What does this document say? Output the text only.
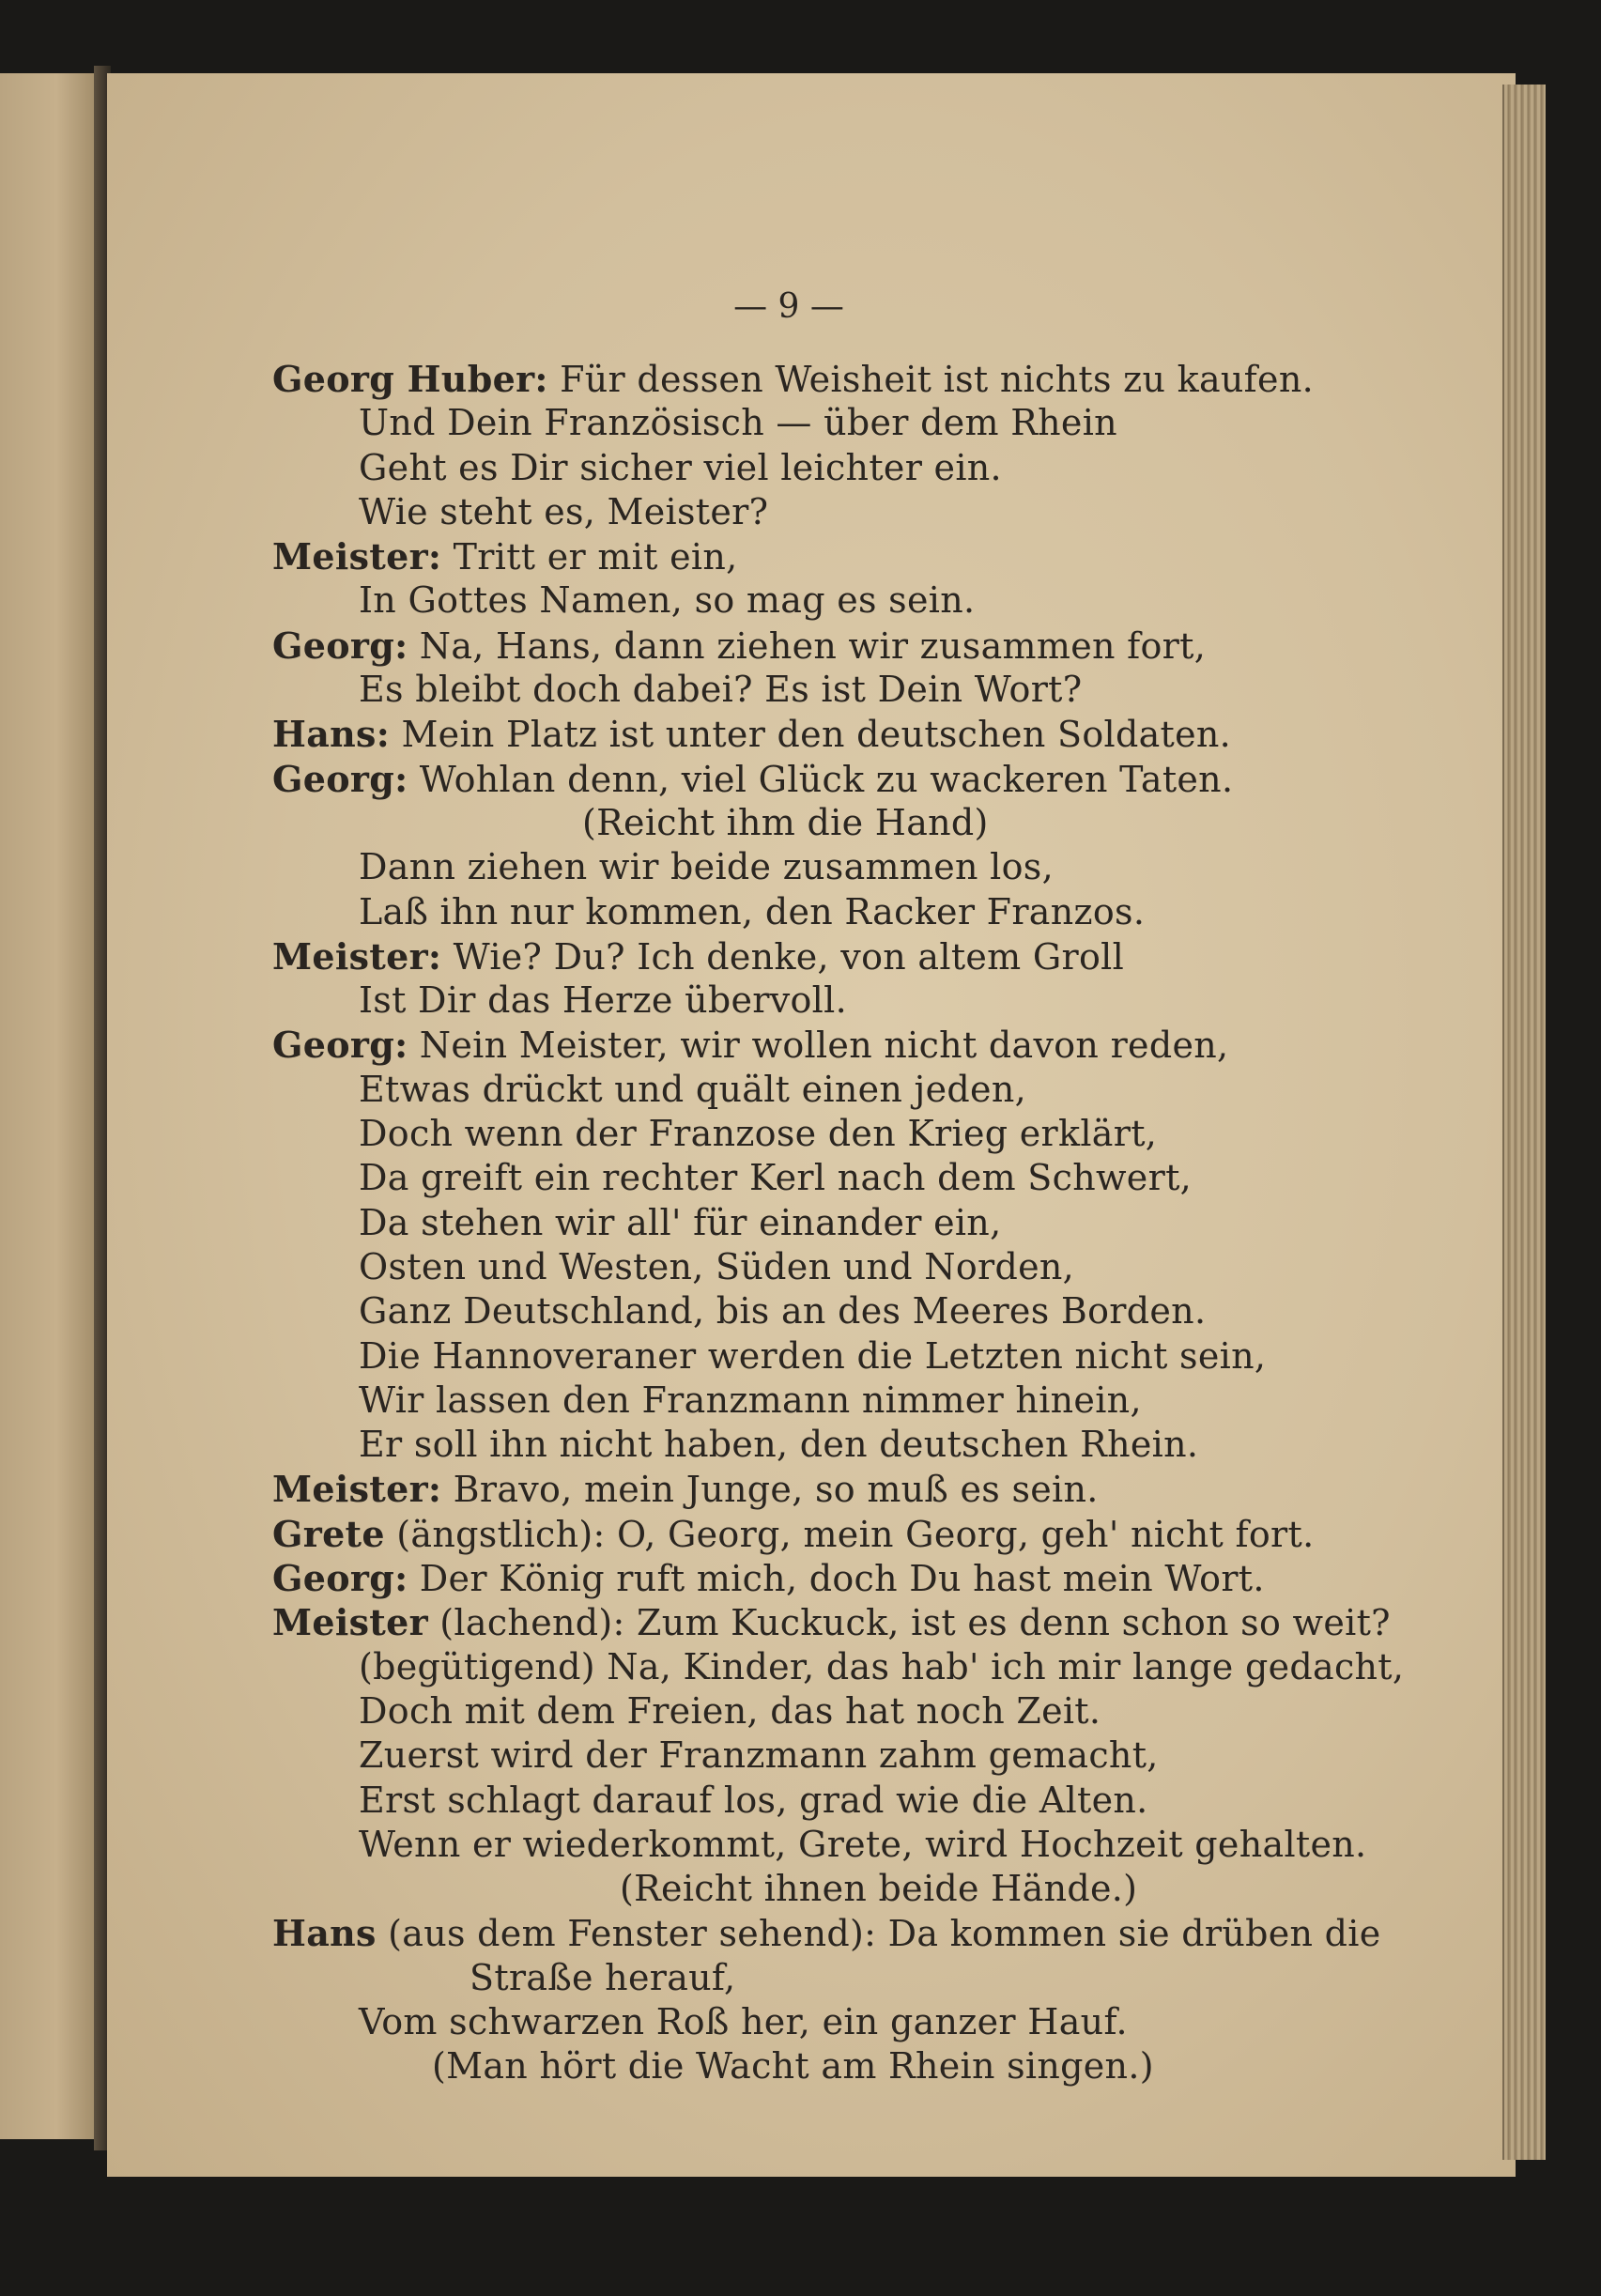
— 9 —
Georg Huber: Für dessen Weisheit ist nichts zu kaufen.
Und Dein Französisch — über dem Rhein
Geht es Dir sicher viel leichter ein.
Wie steht es, Meister?
Meister: Tritt er mit ein,
In Gottes Namen, so mag es sein.
Georg: Na, Hans, dann ziehen wir zusammen fort,
Es bleibt doch dabei? Es ist Dein Wort?
Hans: Mein Platz ist unter den deutschen Soldaten.
Georg: Wohlan denn, viel Glück zu wackeren Taten.
(Reicht ihm die Hand)
Dann ziehen wir beide zusammen los,
Laß ihn nur kommen, den Racker Franzos.
Meister: Wie? Du? Ich denke, von altem Groll
Ist Dir das Herze übervoll.
Georg: Nein Meister, wir wollen nicht davon reden,
Etwas drückt und quält einen jeden,
Doch wenn der Franzose den Krieg erklärt,
Da greift ein rechter Kerl nach dem Schwert,
Da stehen wir all' für einander ein,
Osten und Westen, Süden und Norden,
Ganz Deutschland, bis an des Meeres Borden.
Die Hannoveraner werden die Letzten nicht sein,
Wir lassen den Franzmann nimmer hinein,
Er soll ihn nicht haben, den deutschen Rhein.
Meister: Bravo, mein Junge, so muß es sein.
Grete (ängstlich): O, Georg, mein Georg, geh' nicht fort.
Georg: Der König ruft mich, doch Du hast mein Wort.
Meister (lachend): Zum Kuckuck, ist es denn schon so weit?
(begütigend) Na, Kinder, das hab' ich mir lange gedacht,
Doch mit dem Freien, das hat noch Zeit.
Zuerst wird der Franzmann zahm gemacht,
Erst schlagt darauf los, grad wie die Alten.
Wenn er wiederkommt, Grete, wird Hochzeit gehalten.
(Reicht ihnen beide Hände.)
Hans (aus dem Fenster sehend): Da kommen sie drüben die
Straße herauf,
Vom schwarzen Roß her, ein ganzer Hauf.
(Man hört die Wacht am Rhein singen.)
